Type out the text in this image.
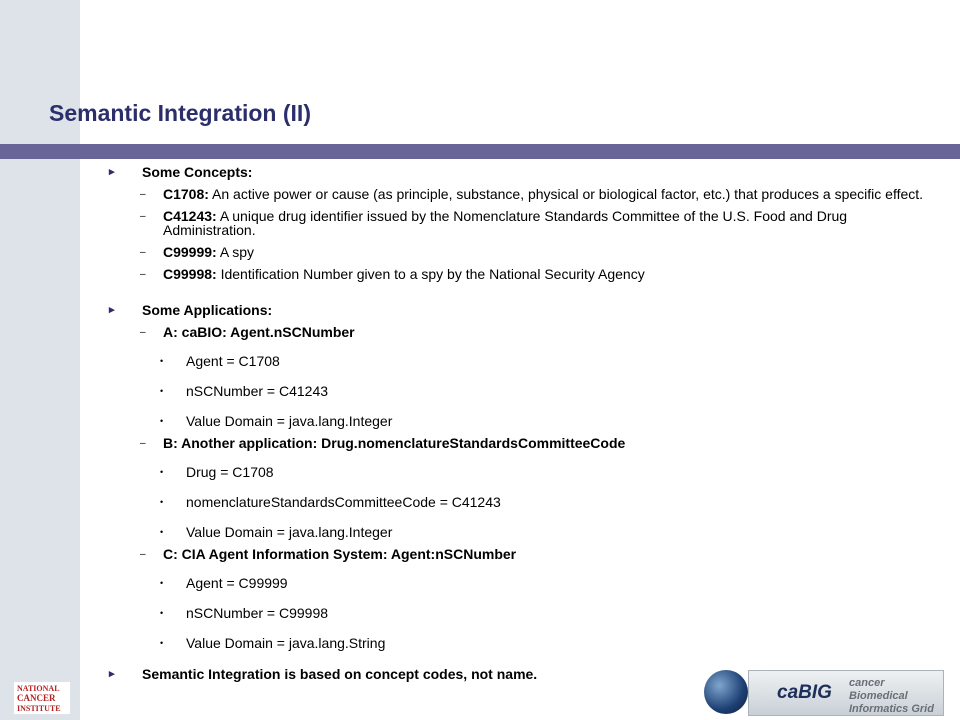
Semantic Integration (II)
▸ Some Concepts:
– C1708: An active power or cause (as principle, substance, physical or biological factor, etc.) that produces a specific effect.
– C41243: A unique drug identifier issued by the Nomenclature Standards Committee of the U.S. Food and Drug Administration.
– C99999: A spy
– C99998: Identification Number given to a spy by the National Security Agency
▸ Some Applications:
– A: caBIO: Agent.nSCNumber
• Agent = C1708
• nSCNumber = C41243
• Value Domain = java.lang.Integer
– B: Another application: Drug.nomenclatureStandardsCommitteeCode
• Drug = C1708
• nomenclatureStandardsCommitteeCode = C41243
• Value Domain = java.lang.Integer
– C: CIA Agent Information System: Agent:nSCNumber
• Agent = C99999
• nSCNumber = C99998
• Value Domain = java.lang.String
▸ Semantic Integration is based on concept codes, not name.
NATIONAL
CANCER
INSTITUTE
caBIG cancer Biomedical Informatics Grid
